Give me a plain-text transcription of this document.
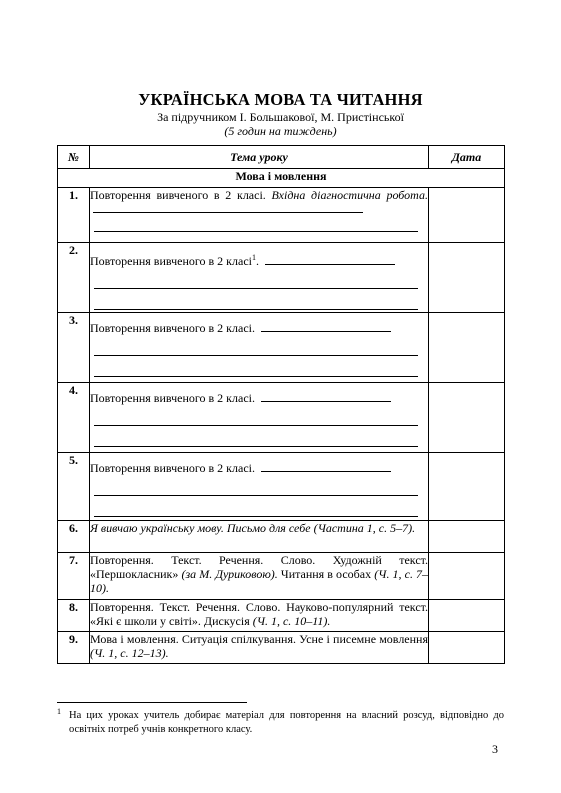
УКРАЇНСЬКА МОВА ТА ЧИТАННЯ
За підручником І. Большакової, М. Пристінської
(5 годин на тиждень)
№	Тема уроку	Дата
Мова і мовлення		
1.	Повторення вивченого в 2 класі. Вхідна діагностична робота.

2.	Повторення вивченого в 2 класі$^1$.

3.	Повторення вивченого в 2 класі.

4.	Повторення вивченого в 2 класі.

5.	Повторення вивченого в 2 класі.

6.	Я вивчаю українську мову. Письмо для себе (Частина 1, с. 5–7).	
7.	Повторення. Текст. Речення. Слово. Художній текст. «Першокласник» (за М. Дуриковою). Читання в особах (Ч. 1, с. 7–10).	
8.	Повторення. Текст. Речення. Слово. Науково-популярний текст. «Які є школи у світі». Дискусія (Ч. 1, с. 10–11).	
9.	Мова і мовлення. Ситуація спілкування. Усне і писемне мовлення (Ч. 1, с. 12–13).	
1 На цих уроках учитель добирає матеріал для повторення на власний розсуд, відповідно до освітніх потреб учнів конкретного класу.
3
